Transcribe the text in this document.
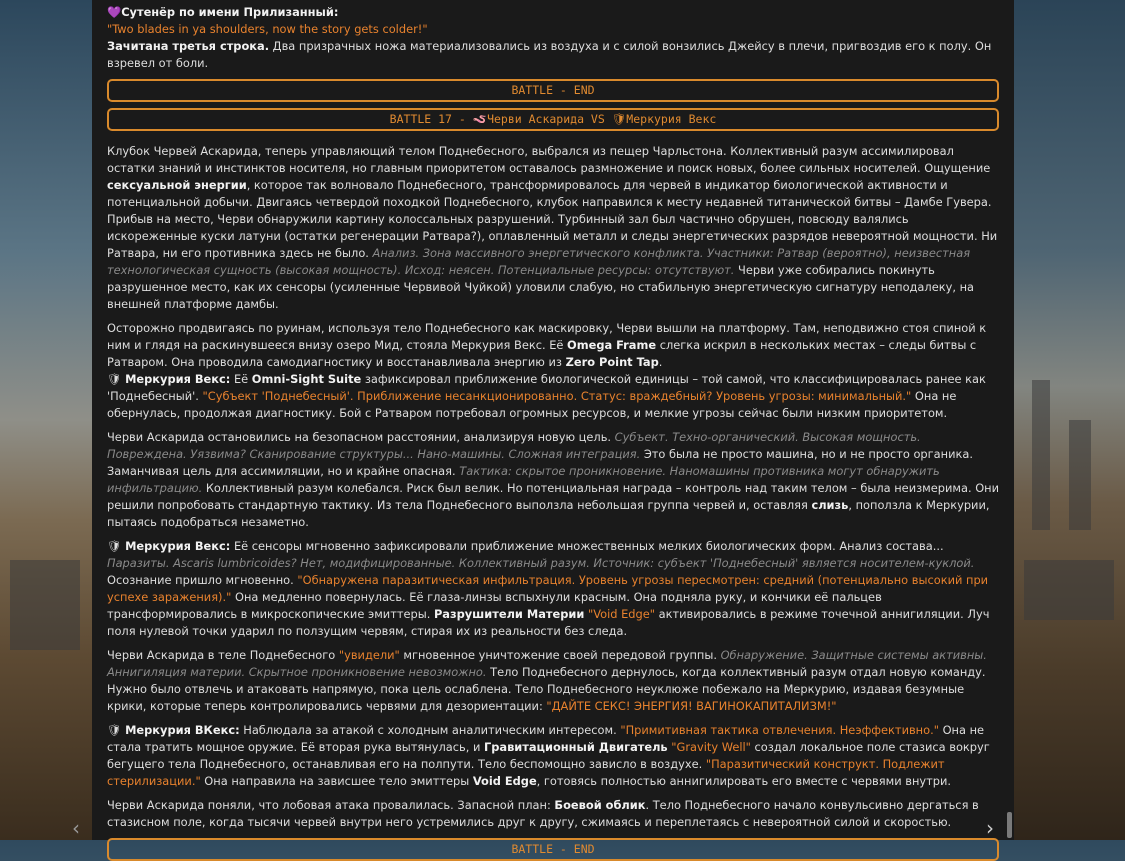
💜Сутенёр по имени Прилизанный:

"Two blades in ya shoulders, now the story gets colder!"

Зачитана третья строка. Два призрачных ножа материализовались из воздуха и с силой вонзились Джейсу в плечи, пригвоздив его к полу. Он взревел от боли.

BATTLE - END
BATTLE 17 - 🪱Черви Аскарида VS 🛡Меркурия Векс

Клубок Червей Аскарида, теперь управляющий телом Поднебесного, выбрался из пещер Чарльстона. Коллективный разум ассимилировал остатки знаний и инстинктов носителя, но главным приоритетом оставалось размножение и поиск новых, более сильных носителей. Ощущение сексуальной энергии, которое так волновало Поднебесного, трансформировалось для червей в индикатор биологической активности и потенциальной добычи. Двигаясь четвердой походкой Поднебесного, клубок направился к месту недавней титанической битвы – Дамбе Гувера.
Прибыв на место, Черви обнаружили картину колоссальных разрушений. Турбинный зал был частично обрушен, повсюду валялись искореженные куски латуни (остатки регенерации Ратвара?), оплавленный металл и следы энергетических разрядов невероятной мощности. Ни Ратвара, ни его противника здесь не было. Анализ. Зона массивного энергетического конфликта. Участники: Ратвар (вероятно), неизвестная технологическая сущность (высокая мощность). Исход: неясен. Потенциальные ресурсы: отсутствуют. Черви уже собирались покинуть разрушенное место, как их сенсоры (усиленные Червивой Чуйкой) уловили слабую, но стабильную энергетическую сигнатуру неподалеку, на внешней платформе дамбы.

Осторожно продвигаясь по руинам, используя тело Поднебесного как маскировку, Черви вышли на платформу. Там, неподвижно стоя спиной к ним и глядя на раскинувшееся внизу озеро Мид, стояла Меркурия Векс. Её Omega Frame слегка искрил в нескольких местах – следы битвы с Ратваром. Она проводила самодиагностику и восстанавливала энергию из Zero Point Tap.
🛡 Меркурия Векс: Её Omni-Sight Suite зафиксировал приближение биологической единицы – той самой, что классифицировалась ранее как 'Поднебесный'. "Субъект 'Поднебесный'. Приближение несанкционированно. Статус: враждебный? Уровень угрозы: минимальный." Она не обернулась, продолжая диагностику. Бой с Ратваром потребовал огромных ресурсов, и мелкие угрозы сейчас были низким приоритетом.

Черви Аскарида остановились на безопасном расстоянии, анализируя новую цель. Субъект. Техно-органический. Высокая мощность. Повреждена. Уязвима? Сканирование структуры... Нано-машины. Сложная интеграция. Это была не просто машина, но и не просто органика. Заманчивая цель для ассимиляции, но и крайне опасная. Тактика: скрытое проникновение. Наномашины противника могут обнаружить инфильтрацию. Коллективный разум колебался. Риск был велик. Но потенциальная награда – контроль над таким телом – была неизмерима. Они решили попробовать стандартную тактику. Из тела Поднебесного выползла небольшая группа червей и, оставляя слизь, поползла к Меркурии, пытаясь подобраться незаметно.

🛡 Меркурия Векс: Её сенсоры мгновенно зафиксировали приближение множественных мелких биологических форм. Анализ состава... Паразиты. Ascaris lumbricoides? Нет, модифицированные. Коллективный разум. Источник: субъект 'Поднебесный' является носителем-куклой. Осознание пришло мгновенно. "Обнаружена паразитическая инфильтрация. Уровень угрозы пересмотрен: средний (потенциально высокий при успехе заражения)." Она медленно повернулась. Её глаза-линзы вспыхнули красным. Она подняла руку, и кончики её пальцев трансформировались в микроскопические эмиттеры. Разрушители Материи "Void Edge" активировались в режиме точечной аннигиляции. Луч поля нулевой точки ударил по ползущим червям, стирая их из реальности без следа.

Черви Аскарида в теле Поднебесного "увидели" мгновенное уничтожение своей передовой группы. Обнаружение. Защитные системы активны. Аннигиляция материи. Скрытное проникновение невозможно. Тело Поднебесного дернулось, когда коллективный разум отдал новую команду. Нужно было отвлечь и атаковать напрямую, пока цель ослаблена. Тело Поднебесного неуклюже побежало на Меркурию, издавая безумные крики, которые теперь контролировались червями для дезориентации: "ДАЙТЕ СЕКС! ЭНЕРГИЯ! ВАГИНОКАПИТАЛИЗМ!"

🛡 Меркурия ВКекс: Наблюдала за атакой с холодным аналитическим интересом. "Примитивная тактика отвлечения. Неэффективно." Она не стала тратить мощное оружие. Её вторая рука вытянулась, и Гравитационный Двигатель "Gravity Well" создал локальное поле стазиса вокруг бегущего тела Поднебесного, останавливая его на полпути. Тело беспомощно зависло в воздухе. "Паразитический конструкт. Подлежит стерилизации." Она направила на зависшее тело эмиттеры Void Edge, готовясь полностью аннигилировать его вместе с червями внутри.

Черви Аскарида поняли, что лобовая атака провалилась. Запасной план: Боевой облик. Тело Поднебесного начало конвульсивно дергаться в стазисном поле, когда тысячи червей внутри него устремились друг к другу, сжимаясь и переплетаясь с невероятной силой и скоростью.

BATTLE - END
‹	›
